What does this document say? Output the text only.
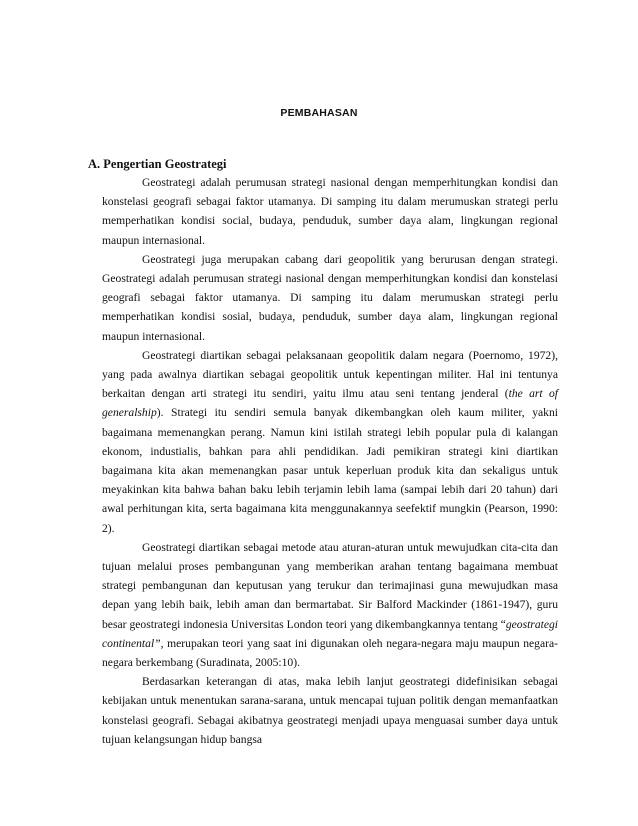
PEMBAHASAN
A. Pengertian Geostrategi

Geostrategi adalah perumusan strategi nasional dengan memperhitungkan kondisi dan konstelasi geografi sebagai faktor utamanya. Di samping itu dalam merumuskan strategi perlu memperhatikan kondisi social, budaya, penduduk, sumber daya alam, lingkungan regional maupun internasional.

Geostrategi juga merupakan cabang dari geopolitik yang berurusan dengan strategi. Geostrategi adalah perumusan strategi nasional dengan memperhitungkan kondisi dan konstelasi geografi sebagai faktor utamanya. Di samping itu dalam merumuskan strategi perlu memperhatikan kondisi sosial, budaya, penduduk, sumber daya alam, lingkungan regional maupun internasional.

Geostrategi diartikan sebagai pelaksanaan geopolitik dalam negara (Poernomo, 1972), yang pada awalnya diartikan sebagai geopolitik untuk kepentingan militer. Hal ini tentunya berkaitan dengan arti strategi itu sendiri, yaitu ilmu atau seni tentang jenderal (the art of generalship). Strategi itu sendiri semula banyak dikembangkan oleh kaum militer, yakni bagaimana memenangkan perang. Namun kini istilah strategi lebih popular pula di kalangan ekonom, industialis, bahkan para ahli pendidikan. Jadi pemikiran strategi kini diartikan bagaimana kita akan memenangkan pasar untuk keperluan produk kita dan sekaligus untuk meyakinkan kita bahwa bahan baku lebih terjamin lebih lama (sampai lebih dari 20 tahun) dari awal perhitungan kita, serta bagaimana kita menggunakannya seefektif mungkin (Pearson, 1990: 2).

Geostrategi diartikan sebagai metode atau aturan-aturan untuk mewujudkan cita-cita dan tujuan melalui proses pembangunan yang memberikan arahan tentang bagaimana membuat strategi pembangunan dan keputusan yang terukur dan terimajinasi guna mewujudkan masa depan yang lebih baik, lebih aman dan bermartabat. Sir Balford Mackinder (1861-1947), guru besar geostrategi indonesia Universitas London teori yang dikembangkannya tentang “geostrategi continental”, merupakan teori yang saat ini digunakan oleh negara-negara maju maupun negara-negara berkembang (Suradinata, 2005:10).

Berdasarkan keterangan di atas, maka lebih lanjut geostrategi didefinisikan sebagai kebijakan untuk menentukan sarana-sarana, untuk mencapai tujuan politik dengan memanfaatkan konstelasi geografi. Sebagai akibatnya geostrategi menjadi upaya menguasai sumber daya untuk tujuan kelangsungan hidup bangsa
